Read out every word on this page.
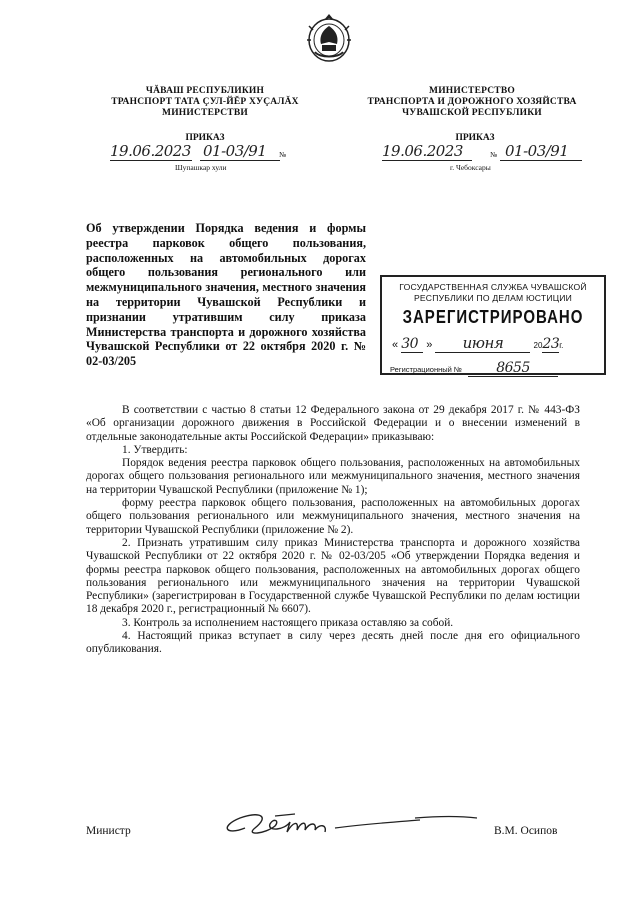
ЧĂВАШ РЕСПУБЛИКИН
ТРАНСПОРТ ТАТА ÇУЛ-ЙĔР ХУÇАЛĂХ
МИНИСТЕРСТВИ
ПРИКАЗ
19.06.2023 01-03/91 №
Шупашкар хули
МИНИСТЕРСТВО
ТРАНСПОРТА И ДОРОЖНОГО ХОЗЯЙСТВА
ЧУВАШСКОЙ РЕСПУБЛИКИ
ПРИКАЗ
19.06.2023	№ 01-03/91
г. Чебоксары
Об утверждении Порядка ведения и формы реестра парковок общего пользования, расположенных на автомобильных дорогах общего пользования регионального или межмуниципального значения, местного значения на территории Чувашской Республики и признании утратившим силу приказа Министерства транспорта и дорожного хозяйства Чувашской Республики от 22 октября 2020 г. № 02-03/205
ГОСУДАРСТВЕННАЯ СЛУЖБА ЧУВАШСКОЙ
РЕСПУБЛИКИ ПО ДЕЛАМ ЮСТИЦИИ
ЗАРЕГИСТРИРОВАНО
« 30 » июня	2023г.
Регистрационный № 8655

В соответствии с частью 8 статьи 12 Федерального закона от 29 декабря 2017 г. № 443-ФЗ «Об организации дорожного движения в Российской Федерации и о внесении изменений в отдельные законодательные акты Российской Федерации» приказываю:

1. Утвердить:

Порядок ведения реестра парковок общего пользования, расположенных на автомобильных дорогах общего пользования регионального или межмуниципального значения, местного значения на территории Чувашской Республики (приложение № 1);

форму реестра парковок общего пользования, расположенных на автомобильных дорогах общего пользования регионального или межмуниципального значения, местного значения на территории Чувашской Республики (приложение № 2).

2. Признать утратившим силу приказ Министерства транспорта и дорожного хозяйства Чувашской Республики от 22 октября 2020 г. № 02-03/205 «Об утверждении Порядка ведения и формы реестра парковок общего пользования, расположенных на автомобильных дорогах общего пользования регионального или межмуниципального значения на территории Чувашской Республики» (зарегистрирован в Государственной службе Чувашской Республики по делам юстиции 18 декабря 2020 г., регистрационный № 6607).

3. Контроль за исполнением настоящего приказа оставляю за собой.

4. Настоящий приказ вступает в силу через десять дней после дня его официального опубликования.

Министр	В.М. Осипов
